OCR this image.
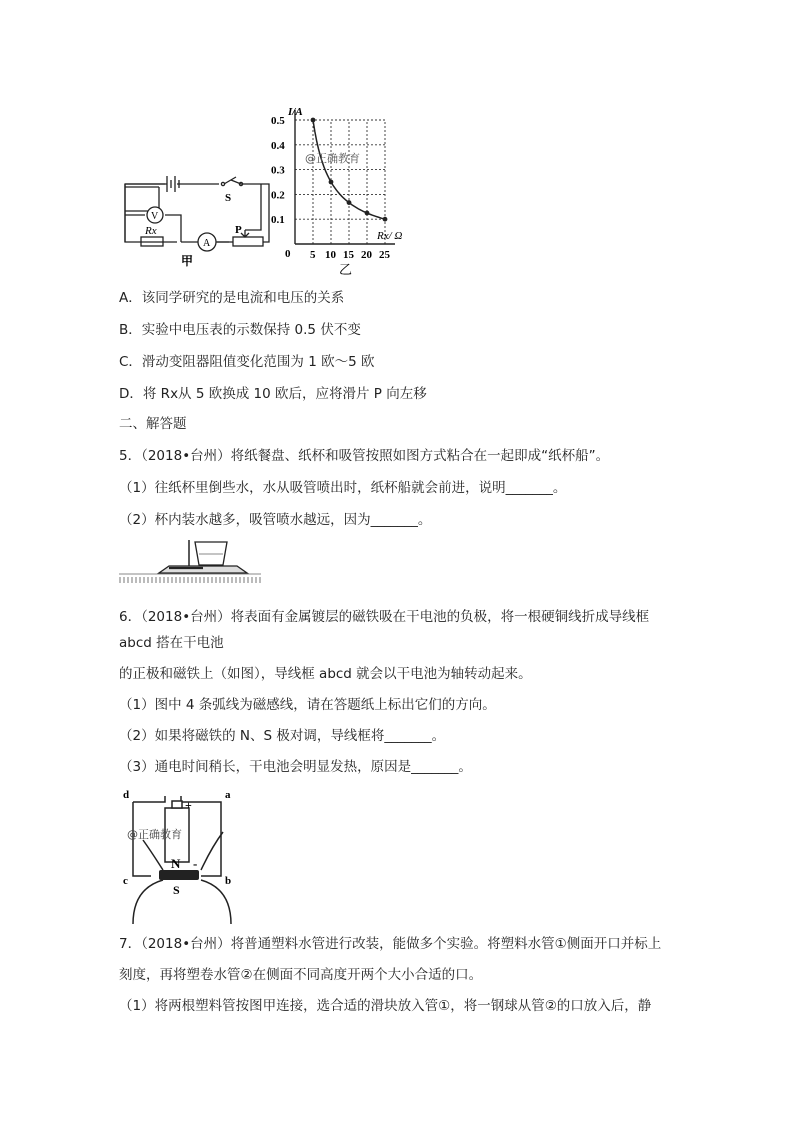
V
A
Rx
S
P
甲
0.5
0.4
0.3
0.2
0.1
5 10 15 20 25
乙
I/A
Rx/ Ω
0
@正确教育
A．该同学研究的是电流和电压的关系
B．实验中电压表的示数保持 0.5 伏不变
C．滑动变阻器阻值变化范围为 1 欧～5 欧
D．将 Rx从 5 欧换成 10 欧后，应将滑片 P 向左移
二、解答题
5．（2018•台州）将纸餐盘、纸杯和吸管按照如图方式粘合在一起即成“纸杯船”。
（1）往纸杯里倒些水，水从吸管喷出时，纸杯船就会前进，说明_______。
（2）杯内装水越多，吸管喷水越远，因为_______。
6．（2018•台州）将表面有金属镀层的磁铁吸在干电池的负极，将一根硬铜线折成导线框
abcd 搭在干电池
的正极和磁铁上（如图），导线框 abcd 就会以干电池为轴转动起来。
（1）图中 4 条弧线为磁感线，请在答题纸上标出它们的方向。
（2）如果将磁铁的 N、S 极对调，导线框将_______。
（3）通电时间稍长，干电池会明显发热，原因是_______。
N
S
+
-
d	a
c	b
@正确教育
7．（2018•台州）将普通塑料水管进行改装，能做多个实验。将塑料水管①侧面开口并标上
刻度，再将塑卷水管②在侧面不同高度开两个大小合适的口。
（1）将两根塑料管按图甲连接，选合适的滑块放入管①，将一钢球从管②的口放入后，静
